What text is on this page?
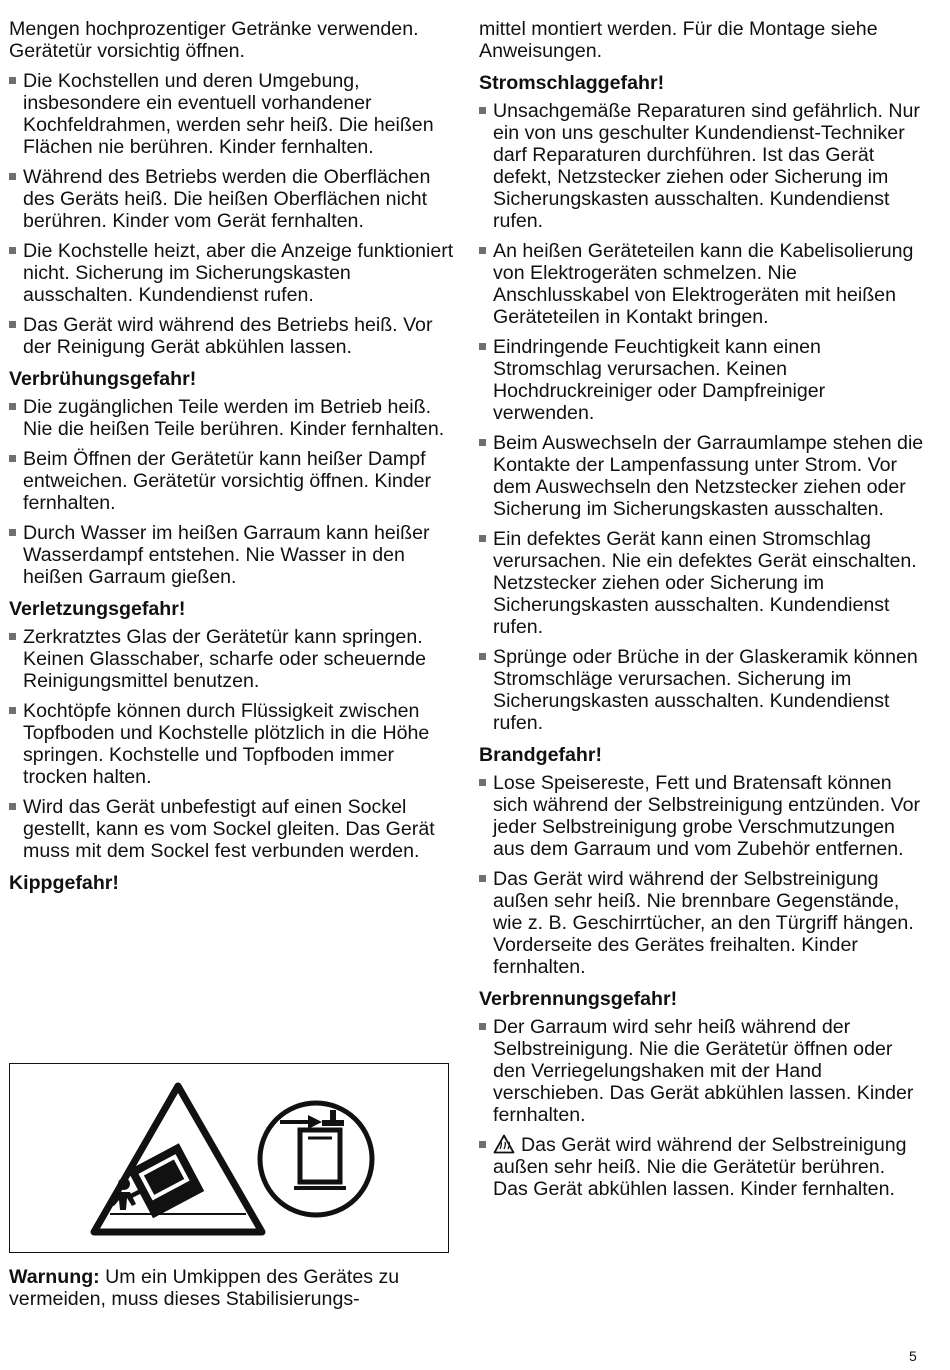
Mengen hochprozentiger Getränke verwenden. Gerätetür vorsichtig öffnen.

Die Kochstellen und deren Umgebung, insbesondere ein eventuell vorhandener Kochfeldrahmen, werden sehr heiß. Die heißen Flächen nie berühren. Kinder fernhalten.
Während des Betriebs werden die Oberflächen des Geräts heiß. Die heißen Oberflächen nicht berühren. Kinder vom Gerät fernhalten.
Die Kochstelle heizt, aber die Anzeige funktioniert nicht. Sicherung im Sicherungskasten ausschalten. Kundendienst rufen.
Das Gerät wird während des Betriebs heiß. Vor der Reinigung Gerät abkühlen lassen.
Verbrühungsgefahr!
Die zugänglichen Teile werden im Betrieb heiß. Nie die heißen Teile berühren. Kinder fernhalten.
Beim Öffnen der Gerätetür kann heißer Dampf entweichen. Gerätetür vorsichtig öffnen. Kinder fernhalten.
Durch Wasser im heißen Garraum kann heißer Wasserdampf entstehen. Nie Wasser in den heißen Garraum gießen.
Verletzungsgefahr!
Zerkratztes Glas der Gerätetür kann springen. Keinen Glasschaber, scharfe oder scheuernde Reinigungsmittel benutzen.
Kochtöpfe können durch Flüssigkeit zwischen Topfboden und Kochstelle plötzlich in die Höhe springen. Kochstelle und Topfboden immer trocken halten.
Wird das Gerät unbefestigt auf einen Sockel gestellt, kann es vom Sockel gleiten. Das Gerät muss mit dem Sockel fest verbunden werden.
Kippgefahr!
Warnung: Um ein Umkippen des Gerätes zu vermeiden, muss dieses Stabilisierungs-

mittel montiert werden. Für die Montage siehe Anweisungen.

Stromschlaggefahr!
Unsachgemäße Reparaturen sind gefährlich. Nur ein von uns geschulter Kundendienst-Techniker darf Reparaturen durchführen. Ist das Gerät defekt, Netzstecker ziehen oder Sicherung im Sicherungskasten ausschalten. Kundendienst rufen.
An heißen Geräteteilen kann die Kabelisolierung von Elektrogeräten schmelzen. Nie Anschlusskabel von Elektrogeräten mit heißen Geräteteilen in Kontakt bringen.
Eindringende Feuchtigkeit kann einen Stromschlag verursachen. Keinen Hochdruckreiniger oder Dampfreiniger verwenden.
Beim Auswechseln der Garraumlampe stehen die Kontakte der Lampenfassung unter Strom. Vor dem Auswechseln den Netzstecker ziehen oder Sicherung im Sicherungskasten ausschalten.
Ein defektes Gerät kann einen Stromschlag verursachen. Nie ein defektes Gerät einschalten. Netzstecker ziehen oder Sicherung im Sicherungskasten ausschalten. Kundendienst rufen.
Sprünge oder Brüche in der Glaskeramik können Stromschläge verursachen. Sicherung im Sicherungskasten ausschalten. Kundendienst rufen.
Brandgefahr!
Lose Speisereste, Fett und Bratensaft können sich während der Selbstreinigung entzünden. Vor jeder Selbstreinigung grobe Verschmutzungen aus dem Garraum und vom Zubehör entfernen.
Das Gerät wird während der Selbstreinigung außen sehr heiß. Nie brennbare Gegenstände, wie z. B. Geschirrtücher, an den Türgriff hängen. Vorderseite des Gerätes freihalten. Kinder fernhalten.
Verbrennungsgefahr!
Der Garraum wird sehr heiß während der Selbstreinigung. Nie die Gerätetür öffnen oder den Verriegelungshaken mit der Hand verschieben. Das Gerät abkühlen lassen. Kinder fernhalten.
Das Gerät wird während der Selbstreinigung außen sehr heiß. Nie die Gerätetür berühren. Das Gerät abkühlen lassen. Kinder fernhalten.
5
